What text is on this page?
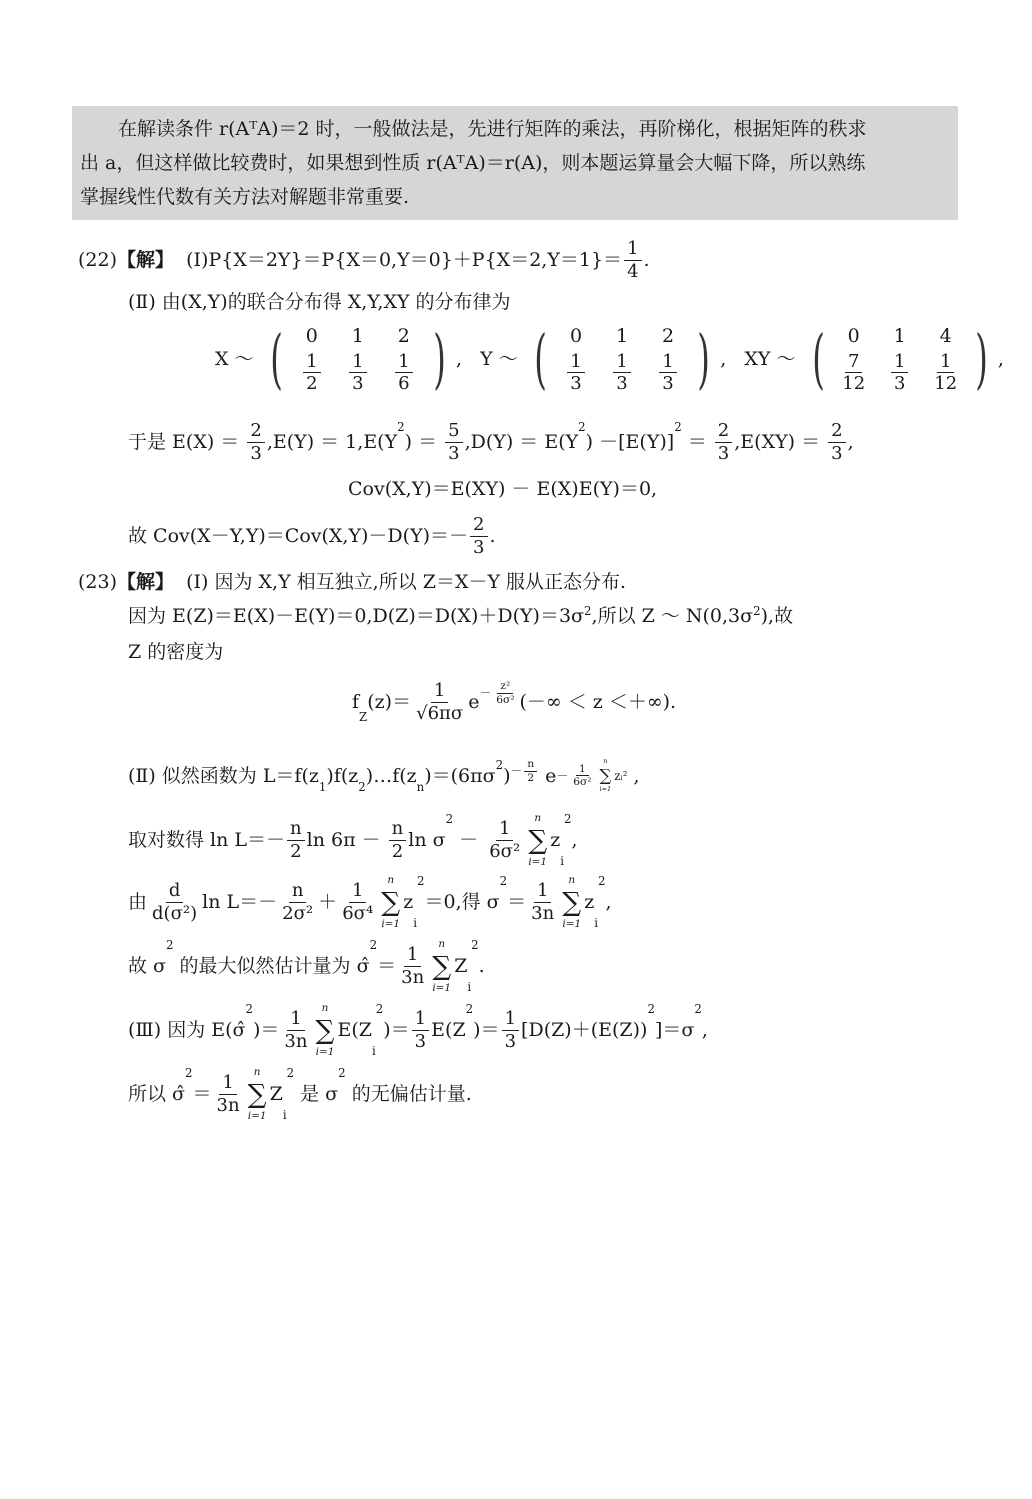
　　在解读条件 r(AᵀA)＝2 时，一般做法是，先进行矩阵的乘法，再阶梯化，根据矩阵的秩求

出 a，但这样做比较费时，如果想到性质 r(AᵀA)＝r(A)，则本题运算量会大幅下降，所以熟练

掌握线性代数有关方法对解题非常重要.

(22) 【解】 (Ⅰ)P{X＝2Y}＝P{X＝0,Y＝0}＋P{X＝2,Y＝1}＝ $\frac{1}{4}$ .
(Ⅱ) 由(X,Y)的联合分布得 X,Y,XY 的分布律为
X ～ ( 0 1 2
$\frac{1}{2} \frac{1}{3} \frac{1}{6}$ ) ,   Y ～ ( 0 1 2
$\frac{1}{3} \frac{1}{3} \frac{1}{3}$ ) ,   XY ～ ( 0 1 4
$\frac{7}{12} \frac{1}{3} \frac{1}{12}$ ) ,
于是 $E(X) = \frac{2}{3} ,E(Y) = 1,E(Y$
2
) ＝ $\frac{5}{3} ,D(Y) = E(Y$
2
) －[E(Y)]
2
＝ $\frac{2}{3} ,E(XY) = \frac{2}{3}$ ,
Cov(X,Y)＝E(XY) － E(X)E(Y)＝0,
故 $Cov(X-Y,Y)=Cov(X,Y)-D(Y)=- \frac{2}{3}$ .
(23) 【解】 (Ⅰ) 因为 X,Y 相互独立,所以 Z＝X－Y 服从正态分布.
因为 E(Z)＝E(X)－E(Y)＝0,D(Z)＝D(X)＋D(Y)＝3σ 2 ,所以 Z ～ N(0,3σ 2 ),故
Z 的密度为
f
Z
$(z)= \frac{1}{√6\pi\sigma}$ $e - \frac{\text{z²}}{\text{6σ²}}$ (－∞ ＜ z ＜＋∞).
(Ⅱ) 似然函数为 L＝f(z
1
)f(z
2
)…f(z
n
)＝(6πσ 2 ) － $\frac{n}{2}$ $e - \frac{1}{\text{6σ²}}$
n
∑
i=1
z ᵢ² ,
取对数得 $\ln L=- \frac{n}{2}$ $\ln 6\pi - \frac{n}{2}$ ln σ
2
－ $\frac{1}{\text{6σ²}}$ n
∑
i=1
z
i
2
,
由 $\frac{d}{\text{d(σ²)}}$ $\ln L=- \frac{n}{\text{2σ²}} + \frac{1}{\text{6σ⁴}}$ n
∑
i=1
z
i
2
＝0,得 σ
2
＝ $\frac{1}{3n}$ n
∑
i=1
z
i
2
,
故 σ
2
的最大似然估计量为 σ̂
2
＝ $\frac{1}{3n}$ n
∑
i=1
Z
i
2
.
(Ⅲ) 因为 E(σ̂
2
)＝ $\frac{1}{3n}$ n
∑
i=1
E(Z
i
2
)＝ $\frac{1}{3} E(Z$
2
)＝ $\frac{1}{3} [D(Z)+(E(Z))$
2
]＝σ
2
,
所以 σ̂
2
＝ $\frac{1}{3n}$ n
∑
i=1
Z
i
2
是 σ
2
的无偏估计量.
